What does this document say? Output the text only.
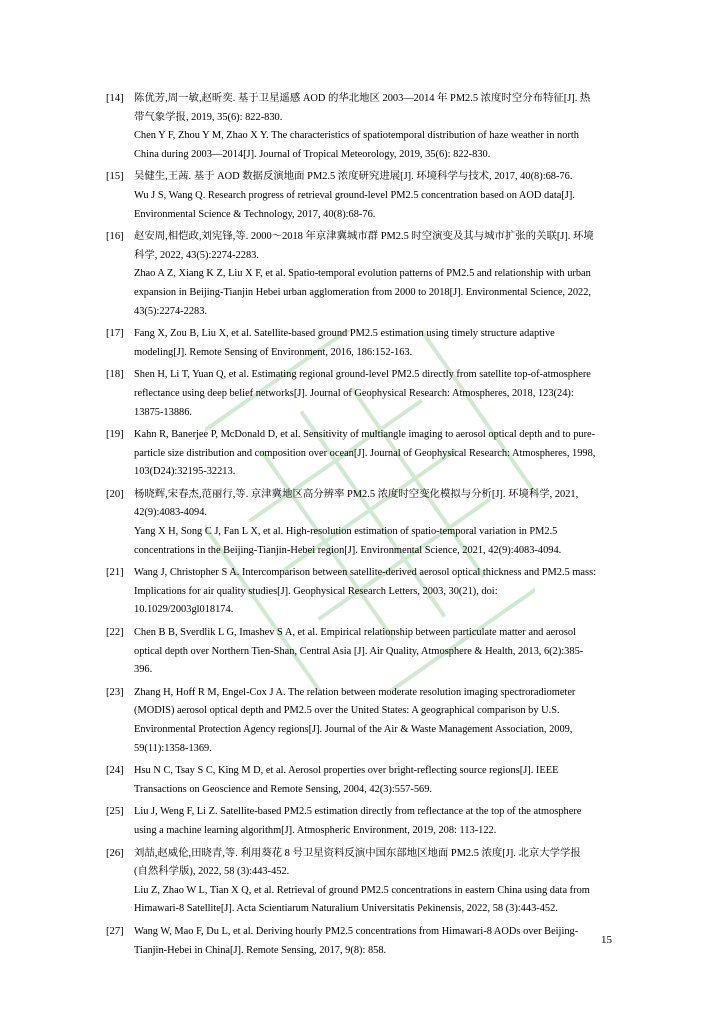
[14] 陈优芳,周一敏,赵昕奕. 基于卫星遥感 AOD 的华北地区 2003—2014 年 PM2.5 浓度时空分布特征[J]. 热
带气象学报, 2019, 35(6): 822-830.
Chen Y F, Zhou Y M, Zhao X Y. The characteristics of spatiotemporal distribution of haze weather in north
China during 2003—2014[J]. Journal of Tropical Meteorology, 2019, 35(6): 822-830.
[15] 吴健生,王茜. 基于 AOD 数据反演地面 PM2.5 浓度研究进展[J]. 环境科学与技术, 2017, 40(8):68-76.
Wu J S, Wang Q. Research progress of retrieval ground-level PM2.5 concentration based on AOD data[J].
Environmental Science & Technology, 2017, 40(8):68-76.
[16] 赵安周,相恺政,刘宪锋,等. 2000～2018 年京津冀城市群 PM2.5 时空演变及其与城市扩张的关联[J]. 环境
科学, 2022, 43(5):2274-2283.
Zhao A Z, Xiang K Z, Liu X F, et al. Spatio-temporal evolution patterns of PM2.5 and relationship with urban
expansion in Beijing-Tianjin Hebei urban agglomeration from 2000 to 2018[J]. Environmental Science, 2022,
43(5):2274-2283.
[17] Fang X, Zou B, Liu X, et al. Satellite-based ground PM2.5 estimation using timely structure adaptive
modeling[J]. Remote Sensing of Environment, 2016, 186:152-163.
[18] Shen H, Li T, Yuan Q, et al. Estimating regional ground-level PM2.5 directly from satellite top-of-atmosphere
reflectance using deep belief networks[J]. Journal of Geophysical Research: Atmospheres, 2018, 123(24):
13875-13886.
[19] Kahn R, Banerjee P, McDonald D, et al. Sensitivity of multiangle imaging to aerosol optical depth and to pure-
particle size distribution and composition over ocean[J]. Journal of Geophysical Research: Atmospheres, 1998,
103(D24):32195-32213.
[20] 杨晓辉,宋春杰,范丽行,等. 京津冀地区高分辨率 PM2.5 浓度时空变化模拟与分析[J]. 环境科学, 2021,
42(9):4083-4094.
Yang X H, Song C J, Fan L X, et al. High-resolution estimation of spatio-temporal variation in PM2.5
concentrations in the Beijing-Tianjin-Hebei region[J]. Environmental Science, 2021, 42(9):4083-4094.
[21] Wang J, Christopher S A. Intercomparison between satellite-derived aerosol optical thickness and PM2.5 mass:
Implications for air quality studies[J]. Geophysical Research Letters, 2003, 30(21), doi:
10.1029/2003gl018174.
[22] Chen B B, Sverdlik L G, Imashev S A, et al. Empirical relationship between particulate matter and aerosol
optical depth over Northern Tien-Shan, Central Asia [J]. Air Quality, Atmosphere & Health, 2013, 6(2):385-
396.
[23] Zhang H, Hoff R M, Engel-Cox J A. The relation between moderate resolution imaging spectroradiometer
(MODIS) aerosol optical depth and PM2.5 over the United States: A geographical comparison by U.S.
Environmental Protection Agency regions[J]. Journal of the Air & Waste Management Association, 2009,
59(11):1358-1369.
[24] Hsu N C, Tsay S C, King M D, et al. Aerosol properties over bright-reflecting source regions[J]. IEEE
Transactions on Geoscience and Remote Sensing, 2004, 42(3):557-569.
[25] Liu J, Weng F, Li Z. Satellite-based PM2.5 estimation directly from reflectance at the top of the atmosphere
using a machine learning algorithm[J]. Atmospheric Environment, 2019, 208: 113-122.
[26] 刘喆,赵威伦,田晓青,等. 利用葵花 8 号卫星资料反演中国东部地区地面 PM2.5 浓度[J]. 北京大学学报
(自然科学版), 2022, 58 (3):443-452.
Liu Z, Zhao W L, Tian X Q, et al. Retrieval of ground PM2.5 concentrations in eastern China using data from
Himawari-8 Satellite[J]. Acta Scientiarum Naturalium Universitatis Pekinensis, 2022, 58 (3):443-452.
[27] Wang W, Mao F, Du L, et al. Deriving hourly PM2.5 concentrations from Himawari-8 AODs over Beijing-
Tianjin-Hebei in China[J]. Remote Sensing, 2017, 9(8): 858.
15
